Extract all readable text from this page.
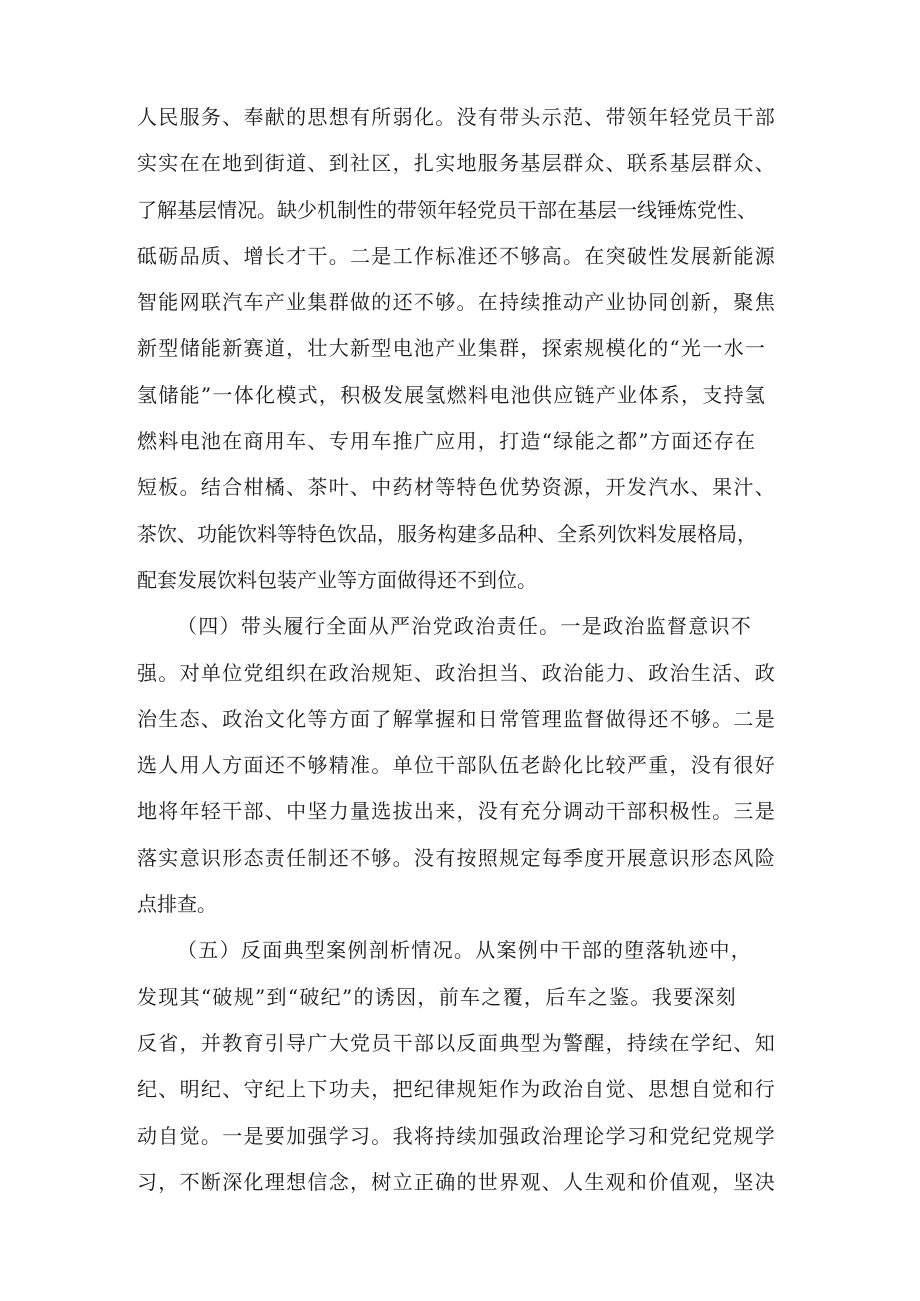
人民服务、奉献的思想有所弱化。没有带头示范、带领年轻党员干部
实实在在地到街道、到社区，扎实地服务基层群众、联系基层群众、
了解基层情况。缺少机制性的带领年轻党员干部在基层一线锤炼党性、
砥砺品质、增长才干。二是工作标准还不够高。在突破性发展新能源
智能网联汽车产业集群做的还不够。在持续推动产业协同创新，聚焦
新型储能新赛道，壮大新型电池产业集群，探索规模化的“光一水一
氢储能”一体化模式，积极发展氢燃料电池供应链产业体系，支持氢
燃料电池在商用车、专用车推广应用，打造“绿能之都”方面还存在
短板。结合柑橘、茶叶、中药材等特色优势资源，开发汽水、果汁、
茶饮、功能饮料等特色饮品，服务构建多品种、全系列饮料发展格局，
配套发展饮料包装产业等方面做得还不到位。
（四）带头履行全面从严治党政治责任。一是政治监督意识不
强。对单位党组织在政治规矩、政治担当、政治能力、政治生活、政
治生态、政治文化等方面了解掌握和日常管理监督做得还不够。二是
选人用人方面还不够精准。单位干部队伍老龄化比较严重，没有很好
地将年轻干部、中坚力量选拔出来，没有充分调动干部积极性。三是
落实意识形态责任制还不够。没有按照规定每季度开展意识形态风险
点排查。
（五）反面典型案例剖析情况。从案例中干部的堕落轨迹中，
发现其“破规”到“破纪”的诱因，前车之覆，后车之鉴。我要深刻
反省，并教育引导广大党员干部以反面典型为警醒，持续在学纪、知
纪、明纪、守纪上下功夫，把纪律规矩作为政治自觉、思想自觉和行
动自觉。一是要加强学习。我将持续加强政治理论学习和党纪党规学
习，不断深化理想信念，树立正确的世界观、人生观和价值观，坚决
